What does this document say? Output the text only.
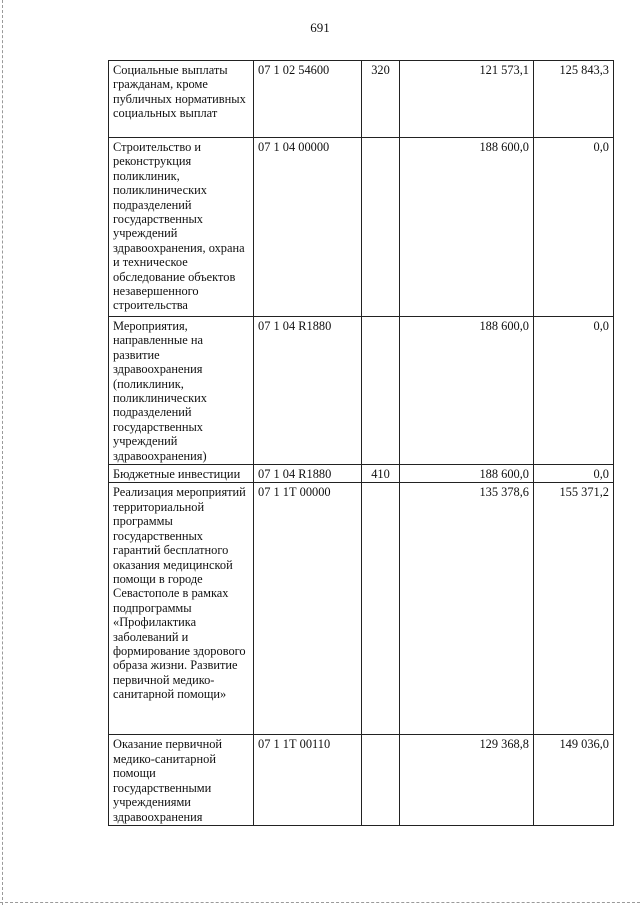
691
Социальные выплаты гражданам, кроме публичных нормативных социальных выплат	07 1 02 54600	320	121 573,1	125 843,3
Строительство и реконструкция поликлиник, поликлинических подразделений государственных учреждений здравоохранения, охрана и техническое обследование объектов незавершенного строительства	07 1 04 00000		188 600,0	0,0
Мероприятия, направленные на развитие здравоохранения (поликлиник, поликлинических подразделений государственных учреждений здравоохранения)	07 1 04 R1880		188 600,0	0,0
Бюджетные инвестиции	07 1 04 R1880	410	188 600,0	0,0
Реализация мероприятий территориальной программы государственных гарантий бесплатного оказания медицинской помощи в городе Севастополе в рамках подпрограммы «Профилактика заболеваний и формирование здорового образа жизни. Развитие первичной медико-санитарной помощи»	07 1 1Т 00000		135 378,6	155 371,2
Оказание первичной медико-санитарной помощи государственными учреждениями здравоохранения	07 1 1Т 00110		129 368,8	149 036,0
